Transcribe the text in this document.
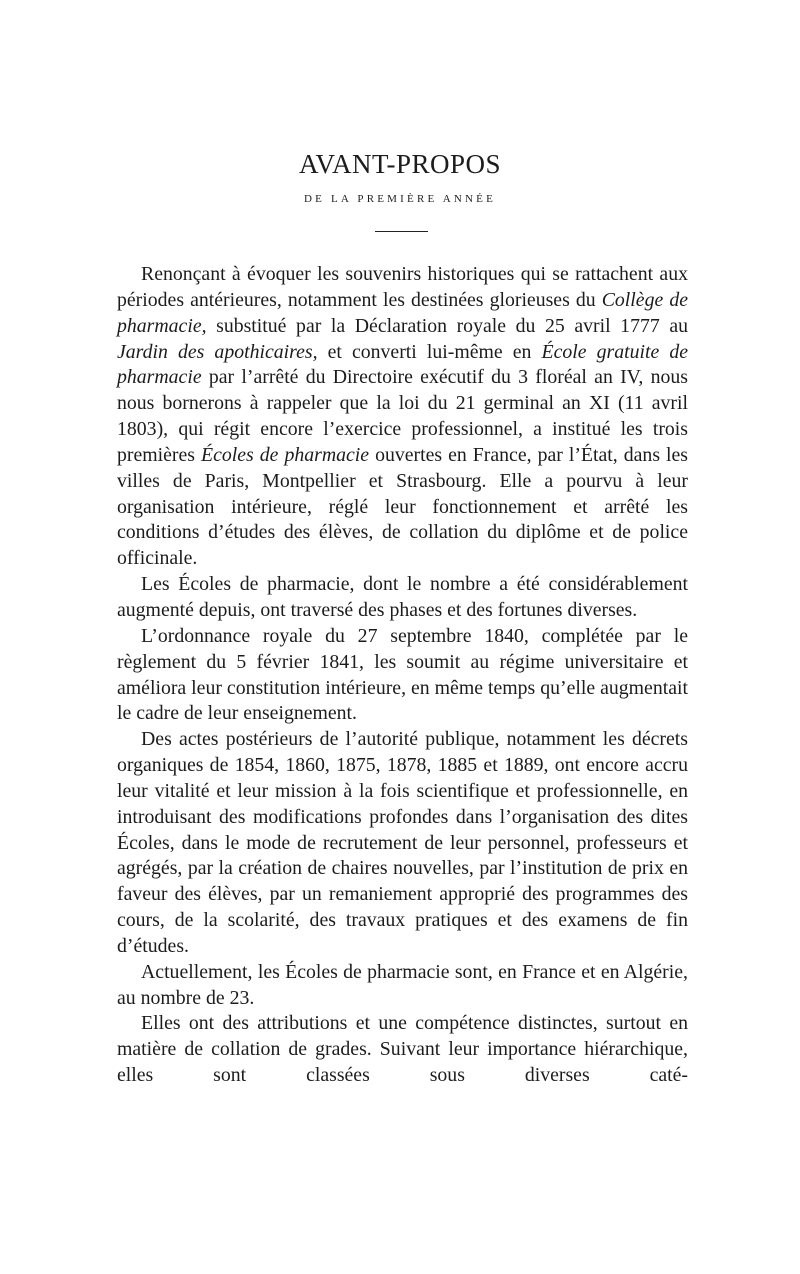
AVANT-PROPOS
DE LA PREMIÈRE ANNÉE

Renonçant à évoquer les souvenirs historiques qui se rattachent aux périodes antérieures, notamment les destinées glorieuses du Collège de pharmacie, substitué par la Déclaration royale du 25 avril 1777 au Jardin des apothicaires, et converti lui-même en École gratuite de pharmacie par l’arrêté du Directoire exécutif du 3 floréal an IV, nous nous bornerons à rappeler que la loi du 21 germinal an XI (11 avril 1803), qui régit encore l’exercice professionnel, a institué les trois premières Écoles de pharmacie ouvertes en France, par l’État, dans les villes de Paris, Montpellier et Strasbourg. Elle a pourvu à leur organisation intérieure, réglé leur fonctionnement et arrêté les conditions d’études des élèves, de collation du diplôme et de police officinale.

Les Écoles de pharmacie, dont le nombre a été considérablement augmenté depuis, ont traversé des phases et des fortunes diverses.

L’ordonnance royale du 27 septembre 1840, complétée par le règlement du 5 février 1841, les soumit au régime universitaire et améliora leur constitution intérieure, en même temps qu’elle augmentait le cadre de leur enseignement.

Des actes postérieurs de l’autorité publique, notamment les décrets organiques de 1854, 1860, 1875, 1878, 1885 et 1889, ont encore accru leur vitalité et leur mission à la fois scientifique et professionnelle, en introduisant des modifications profondes dans l’organisation des dites Écoles, dans le mode de recrutement de leur personnel, professeurs et agrégés, par la création de chaires nouvelles, par l’institution de prix en faveur des élèves, par un remaniement approprié des programmes des cours, de la scolarité, des travaux pratiques et des examens de fin d’études.

Actuellement, les Écoles de pharmacie sont, en France et en Algérie, au nombre de 23.

Elles ont des attributions et une compétence distinctes, surtout en matière de collation de grades. Suivant leur importance hiérarchique, elles sont classées sous diverses caté-
